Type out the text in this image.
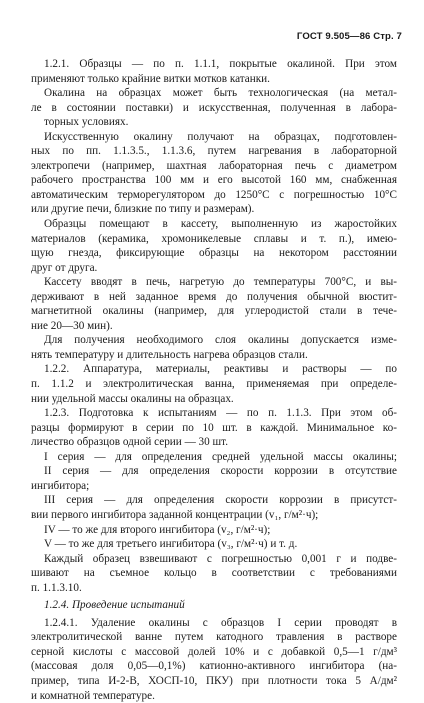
ГОСТ 9.505—86 Стр. 7
1.2.1. Образцы — по п. 1.1.1, покрытые окалиной. При этом
применяют только крайние витки мотков катанки.
Окалина на образцах может быть технологическая (на метал-
ле в состоянии поставки) и искусственная, полученная в лабора-
торных условиях.
Искусственную окалину получают на образцах, подготовлен-
ных по пп. 1.1.3.5., 1.1.3.6, путем нагревания в лабораторной
электропечи (например, шахтная лабораторная печь с диаметром
рабочего пространства 100 мм и его высотой 160 мм, снабженная
автоматическим терморегулятором до 1250°С с погрешностью 10°С
или другие печи, близкие по типу и размерам).
Образцы помещают в кассету, выполненную из жаростойких
материалов (керамика, хромоникелевые сплавы и т. п.), имею-
щую гнезда, фиксирующие образцы на некотором расстоянии
друг от друга.
Кассету вводят в печь, нагретую до температуры 700°С, и вы-
держивают в ней заданное время до получения обычной вюстит-
магнетитной окалины (например, для углеродистой стали в тече-
ние 20—30 мин).
Для получения необходимого слоя окалины допускается изме-
нять температуру и длительность нагрева образцов стали.
1.2.2. Аппаратура, материалы, реактивы и растворы — по
п. 1.1.2 и электролитическая ванна, применяемая при определе-
нии удельной массы окалины на образцах.
1.2.3. Подготовка к испытаниям — по п. 1.1.3. При этом об-
разцы формируют в серии по 10 шт. в каждой. Минимальное ко-
личество образцов одной серии — 30 шт.
I серия — для определения средней удельной массы окалины;
II серия — для определения скорости коррозии в отсутствие
ингибитора;
III серия — для определения скорости коррозии в присутст-
вии первого ингибитора заданной концентрации (v₁, г/м²·ч);
IV — то же для второго ингибитора (v₂, г/м²·ч);
V — то же для третьего ингибитора (v₃, г/м²·ч) и т. д.
Каждый образец взвешивают с погрешностью 0,001 г и подве-
шивают на съемное кольцо в соответствии с требованиями
п. 1.1.3.10.
1.2.4. Проведение испытаний
1.2.4.1. Удаление окалины с образцов I серии проводят в
электролитической ванне путем катодного травления в растворе
серной кислоты с массовой долей 10% и с добавкой 0,5—1 г/дм³
(массовая доля 0,05—0,1%) катионно-активного ингибитора (на-
пример, типа И-2-В, ХОСП-10, ПКУ) при плотности тока 5 А/дм²
и комнатной температуре.
